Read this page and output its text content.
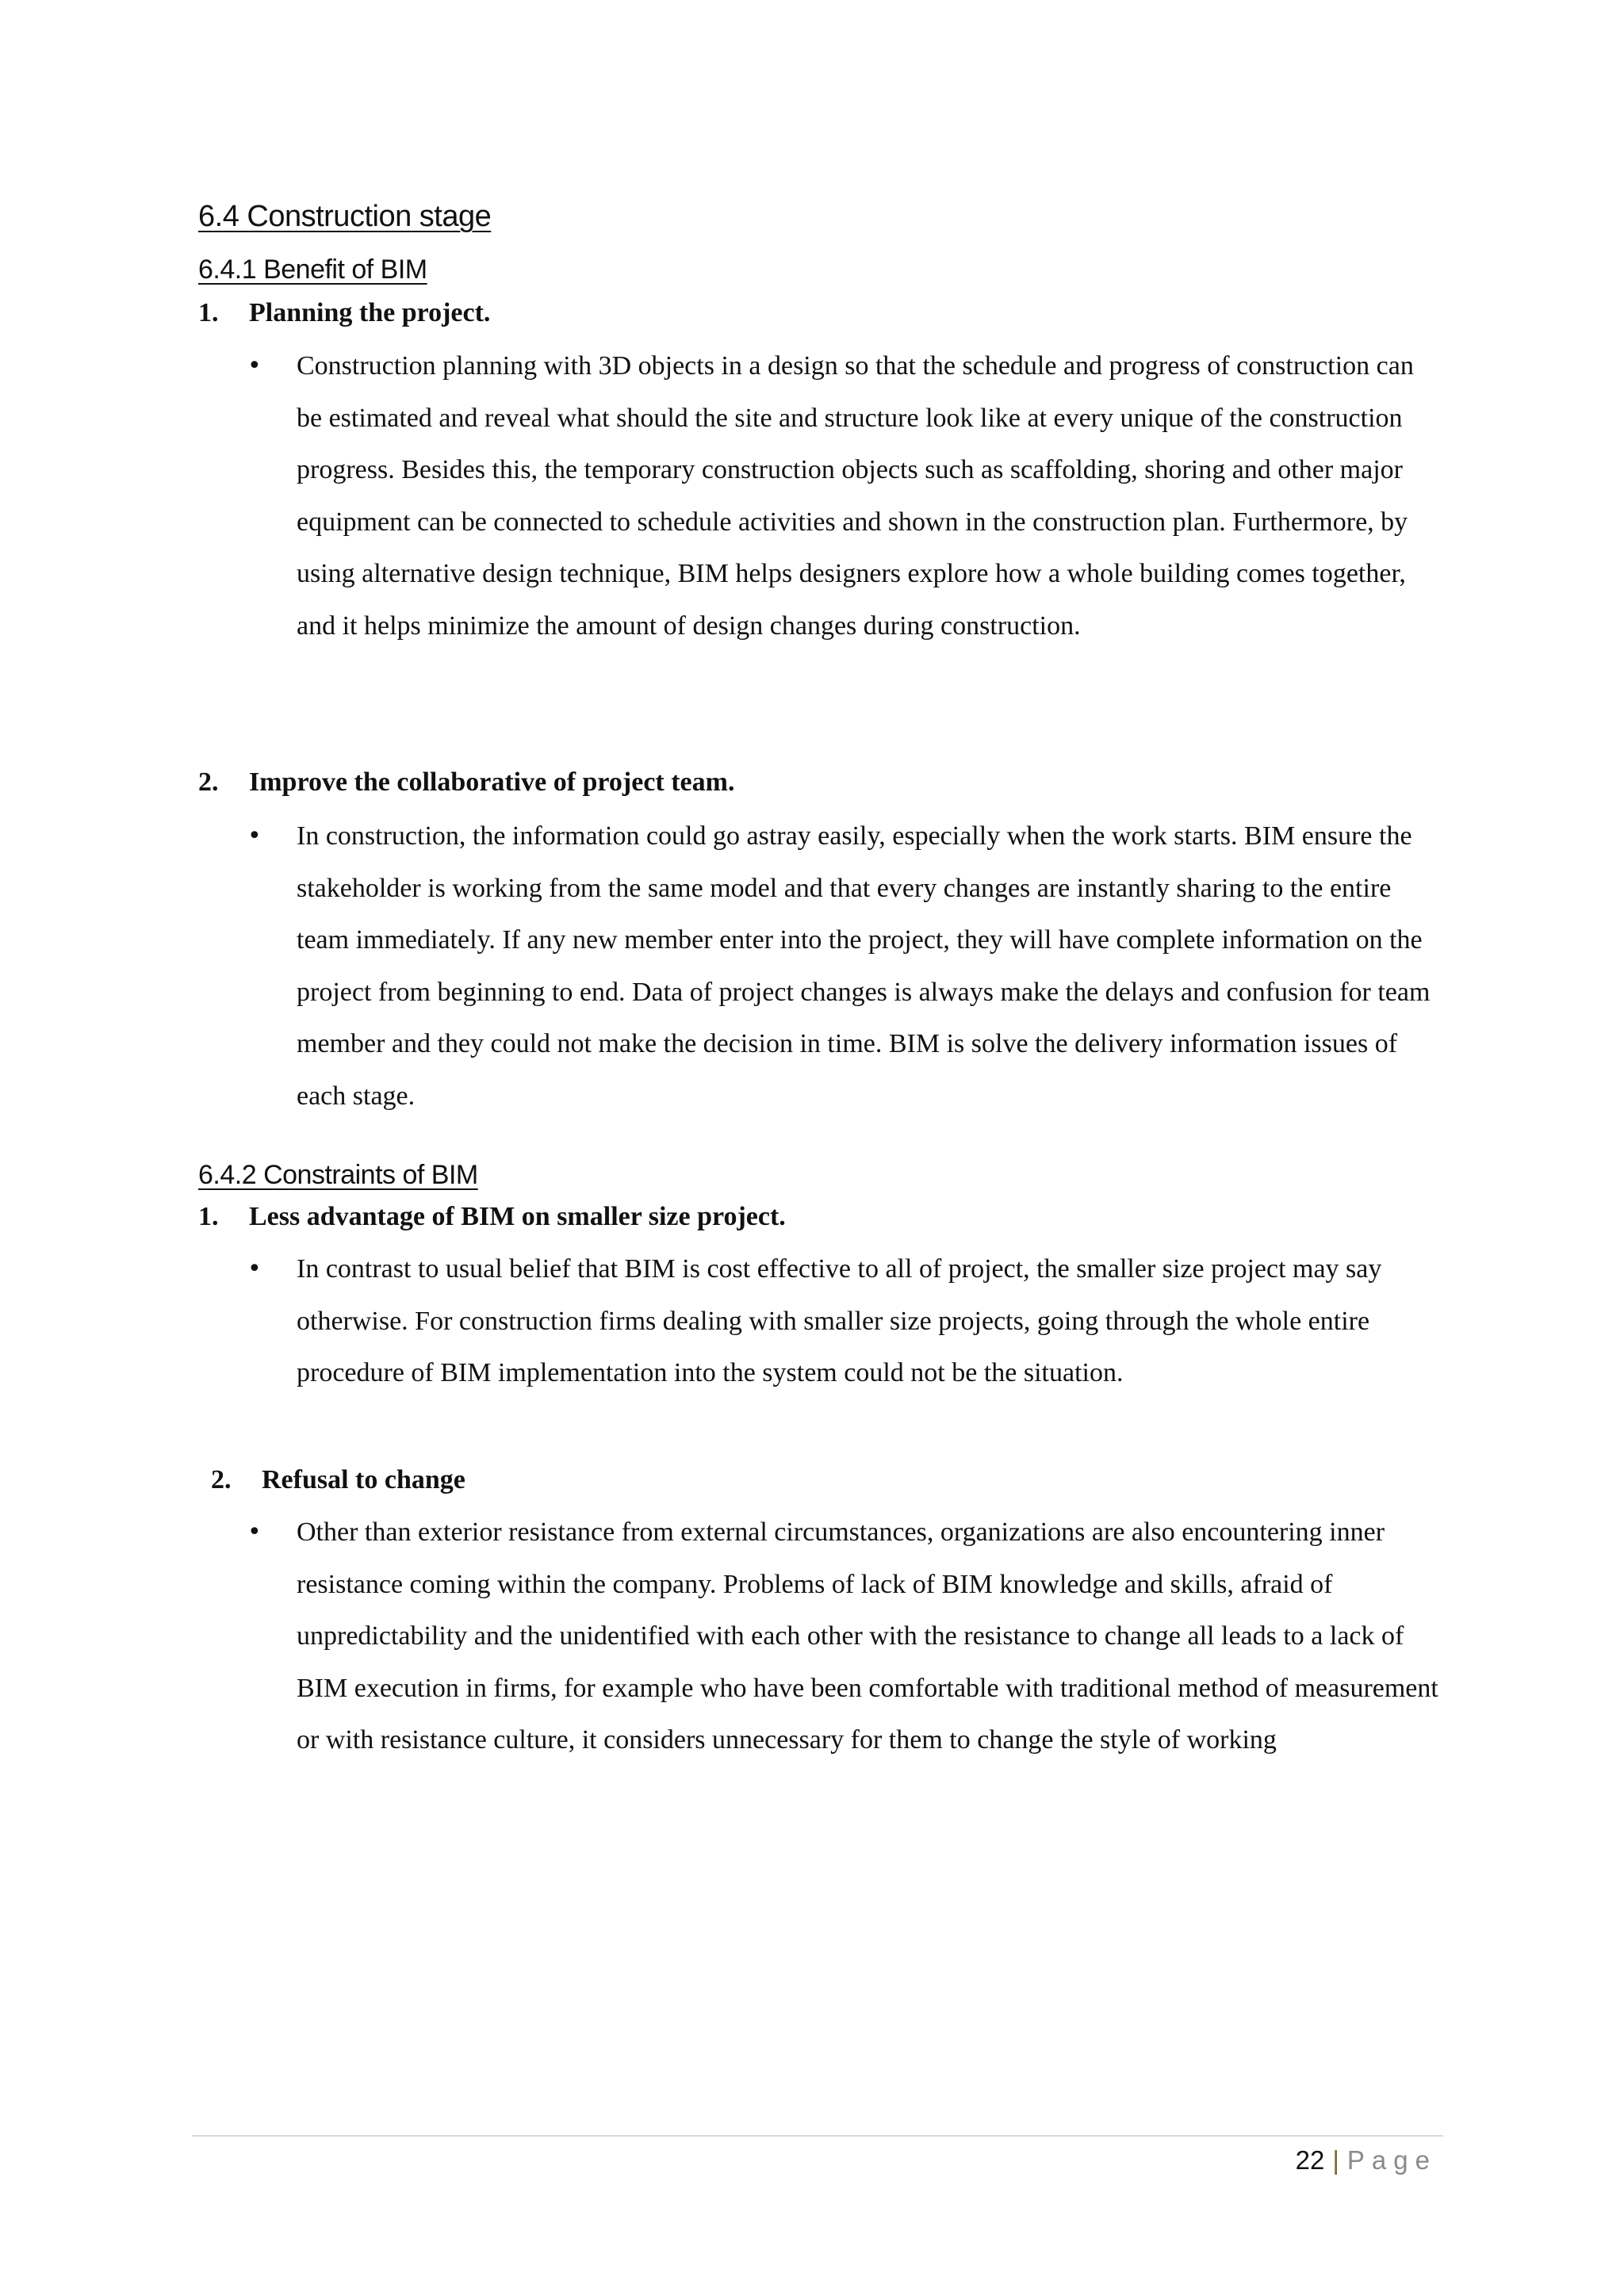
6.4 Construction stage
6.4.1 Benefit of BIM
1. Planning the project.
• Construction planning with 3D objects in a design so that the schedule and progress of construction can be estimated and reveal what should the site and structure look like at every unique of the construction progress. Besides this, the temporary construction objects such as scaffolding, shoring and other major equipment can be connected to schedule activities and shown in the construction plan. Furthermore, by using alternative design technique, BIM helps designers explore how a whole building comes together, and it helps minimize the amount of design changes during construction.
2. Improve the collaborative of project team.
• In construction, the information could go astray easily, especially when the work starts. BIM ensure the stakeholder is working from the same model and that every changes are instantly sharing to the entire team immediately. If any new member enter into the project, they will have complete information on the project from beginning to end. Data of project changes is always make the delays and confusion for team member and they could not make the decision in time. BIM is solve the delivery information issues of each stage.
6.4.2 Constraints of BIM
1. Less advantage of BIM on smaller size project.
• In contrast to usual belief that BIM is cost effective to all of project, the smaller size project may say otherwise. For construction firms dealing with smaller size projects, going through the whole entire procedure of BIM implementation into the system could not be the situation.
2. Refusal to change
• Other than exterior resistance from external circumstances, organizations are also encountering inner resistance coming within the company. Problems of lack of BIM knowledge and skills, afraid of unpredictability and the unidentified with each other with the resistance to change all leads to a lack of BIM execution in firms, for example who have been comfortable with traditional method of measurement or with resistance culture, it considers unnecessary for them to change the style of working
22 | Page
